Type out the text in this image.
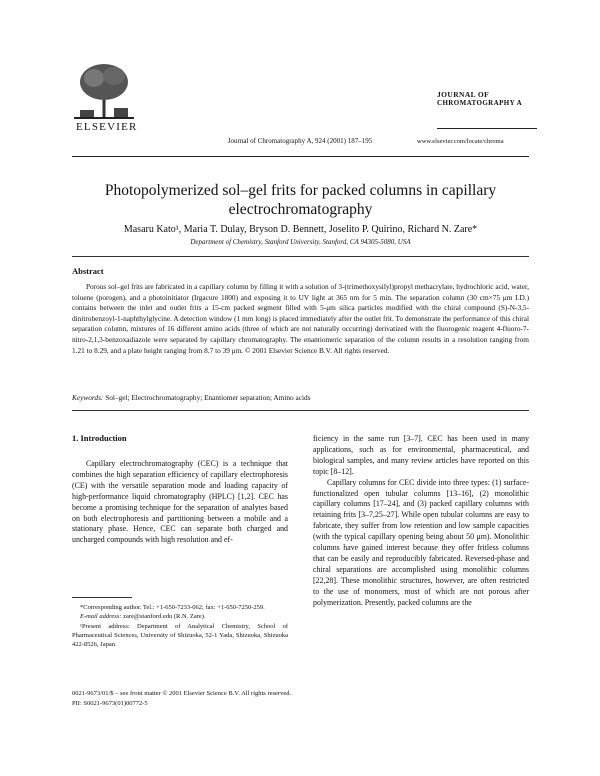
ELSEVIER
Journal of Chromatography A, 924 (2001) 187–195
JOURNAL OF
CHROMATOGRAPHY A
www.elsevier.com/locate/chroma
Photopolymerized sol–gel frits for packed columns in capillary electrochromatography
Masaru Kato¹, Maria T. Dulay, Bryson D. Bennett, Joselito P. Quirino, Richard N. Zare*
Department of Chemistry, Stanford University, Stanford, CA 94305-5080, USA
Abstract
Porous sol–gel frits are fabricated in a capillary column by filling it with a solution of 3-(trimethoxysilyl)propyl methacrylate, hydrochloric acid, water, toluene (porogen), and a photoinitiator (Irgacure 1800) and exposing it to UV light at 365 nm for 5 min. The separation column (30 cm×75 μm I.D.) contains between the inlet and outlet frits a 15-cm packed segment filled with 5-μm silica particles modified with the chiral compound (S)-N-3,5-dinitrobenzoyl-1-naphthylglycine. A detection window (1 mm long) is placed immediately after the outlet frit. To demonstrate the performance of this chiral separation column, mixtures of 16 different amino acids (three of which are not naturally occurring) derivatized with the fluorogenic reagent 4-fluoro-7-nitro-2,1,3-benzoxadiazole were separated by capillary chromatography. The enantiomeric separation of the column results in a resolution ranging from 1.21 to 8.29, and a plate height ranging from 8.7 to 39 μm. © 2001 Elsevier Science B.V. All rights reserved.
Keywords: Sol–gel; Electrochromatography; Enantiomer separation; Amino acids
1. Introduction

Capillary electrochromatography (CEC) is a technique that combines the high separation efficiency of capillary electrophoresis (CE) with the versatile separation mode and loading capacity of high-performance liquid chromatography (HPLC) [1,2]. CEC has become a promising technique for the separation of analytes based on both electrophoresis and partitioning between a mobile and a stationary phase. Hence, CEC can separate both charged and uncharged compounds with high resolution and ef-

ficiency in the same run [3–7]. CEC has been used in many applications, such as for environmental, pharmaceutical, and biological samples, and many review articles have reported on this topic [8–12].

Capillary columns for CEC divide into three types: (1) surface-functionalized open tubular columns [13–16], (2) monolithic capillary columns [17–24], and (3) packed capillary columns with retaining frits [3–7,25–27]. While open tubular columns are easy to fabricate, they suffer from low retention and low sample capacities (with the typical capillary opening being about 50 μm). Monolithic columns have gained interest because they offer fritless columns that can be easily and reproducibly fabricated. Reversed-phase and chiral separations are accomplished using monolithic columns [22,28]. These monolithic structures, however, are often restricted to the use of monomers, most of which are not porous after polymerization. Presently, packed columns are the

*Corresponding author. Tel.: +1-650-7233-062; fax: +1-650-7250-259.

E-mail address: zare@stanford.edu (R.N. Zare).

¹Present address: Department of Analytical Chemistry, School of Pharmaceutical Sciences, University of Shizuoka, 52-1 Yada, Shizuoka, Shizuoka 422-8526, Japan.

0021-9673/01/$ – see front matter © 2001 Elsevier Science B.V. All rights reserved.
PII: S0021-9673(01)00772-5
